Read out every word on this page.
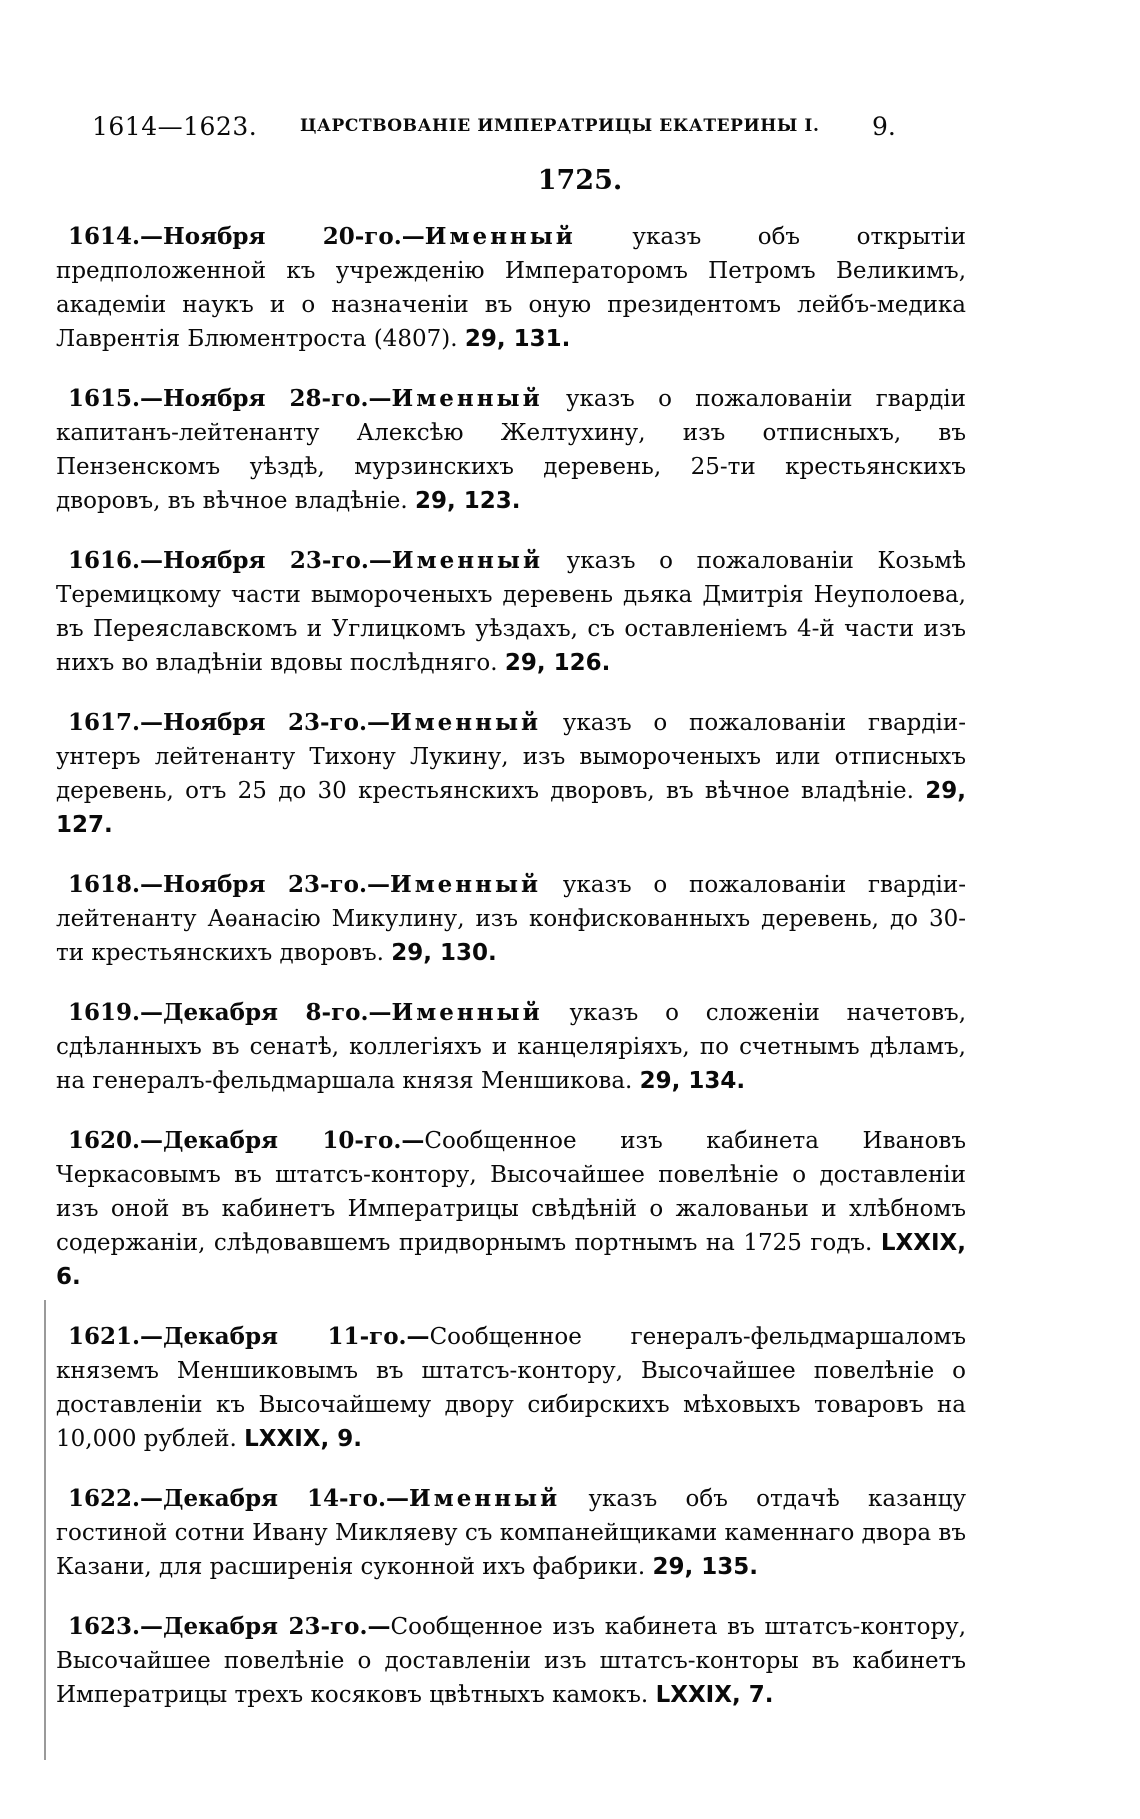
1614—1623.	ЦАРСТВОВАНІЕ ИМПЕРАТРИЦЫ ЕКАТЕРИНЫ I. 9.
1725.

1614.—Ноября 20-го.—Именный указъ объ открытіи предположенной къ учрежденію Императоромъ Петромъ Великимъ, академіи наукъ и о назначеніи въ оную президентомъ лейбъ-медика Лаврентія Блюментроста (4807). 29, 131.

1615.—Ноября 28-го.—Именный указъ о пожалованіи гвардіи капитанъ-лейтенанту Алексѣю Желтухину, изъ отписныхъ, въ Пензенскомъ уѣздѣ, мурзинскихъ деревень, 25-ти крестьянскихъ дворовъ, въ вѣчное владѣніе. 29, 123.

1616.—Ноября 23-го.—Именный указъ о пожалованіи Козьмѣ Теремицкому части вымороченыхъ деревень дьяка Дмитрія Неуполоева, въ Переяславскомъ и Углицкомъ уѣздахъ, съ оставленіемъ 4-й части изъ нихъ во владѣніи вдовы послѣдняго. 29, 126.

1617.—Ноября 23-го.—Именный указъ о пожалованіи гвардіи-унтеръ лейтенанту Тихону Лукину, изъ вымороченыхъ или отписныхъ деревень, отъ 25 до 30 крестьянскихъ дворовъ, въ вѣчное владѣніе. 29, 127.

1618.—Ноября 23-го.—Именный указъ о пожалованіи гвардіи-лейтенанту Аѳанасію Микулину, изъ конфискованныхъ деревень, до 30-ти крестьянскихъ дворовъ. 29, 130.

1619.—Декабря 8-го.—Именный указъ о сложеніи начетовъ, сдѣланныхъ въ сенатѣ, коллегіяхъ и канцеляріяхъ, по счетнымъ дѣламъ, на генералъ-фельдмаршала князя Меншикова. 29, 134.

1620.—Декабря 10-го.—Сообщенное изъ кабинета Ивановъ Черкасовымъ въ штатсъ-контору, Высочайшее повелѣніе о доставленіи изъ оной въ кабинетъ Императрицы свѣдѣній о жалованьи и хлѣбномъ содержаніи, слѣдовавшемъ придворнымъ портнымъ на 1725 годъ. LXXIX, 6.

1621.—Декабря 11-го.—Сообщенное генералъ-фельдмаршаломъ княземъ Меншиковымъ въ штатсъ-контору, Высочайшее повелѣніе о доставленіи къ Высочайшему двору сибирскихъ мѣховыхъ товаровъ на 10,000 рублей. LXXIX, 9.

1622.—Декабря 14-го.—Именный указъ объ отдачѣ казанцу гостиной сотни Ивану Микляеву съ компанейщиками каменнаго двора въ Казани, для расширенія суконной ихъ фабрики. 29, 135.

1623.—Декабря 23-го.—Сообщенное изъ кабинета въ штатсъ-контору, Высочайшее повелѣніе о доставленіи изъ штатсъ-конторы въ кабинетъ Императрицы трехъ косяковъ цвѣтныхъ камокъ. LXXIX, 7.
